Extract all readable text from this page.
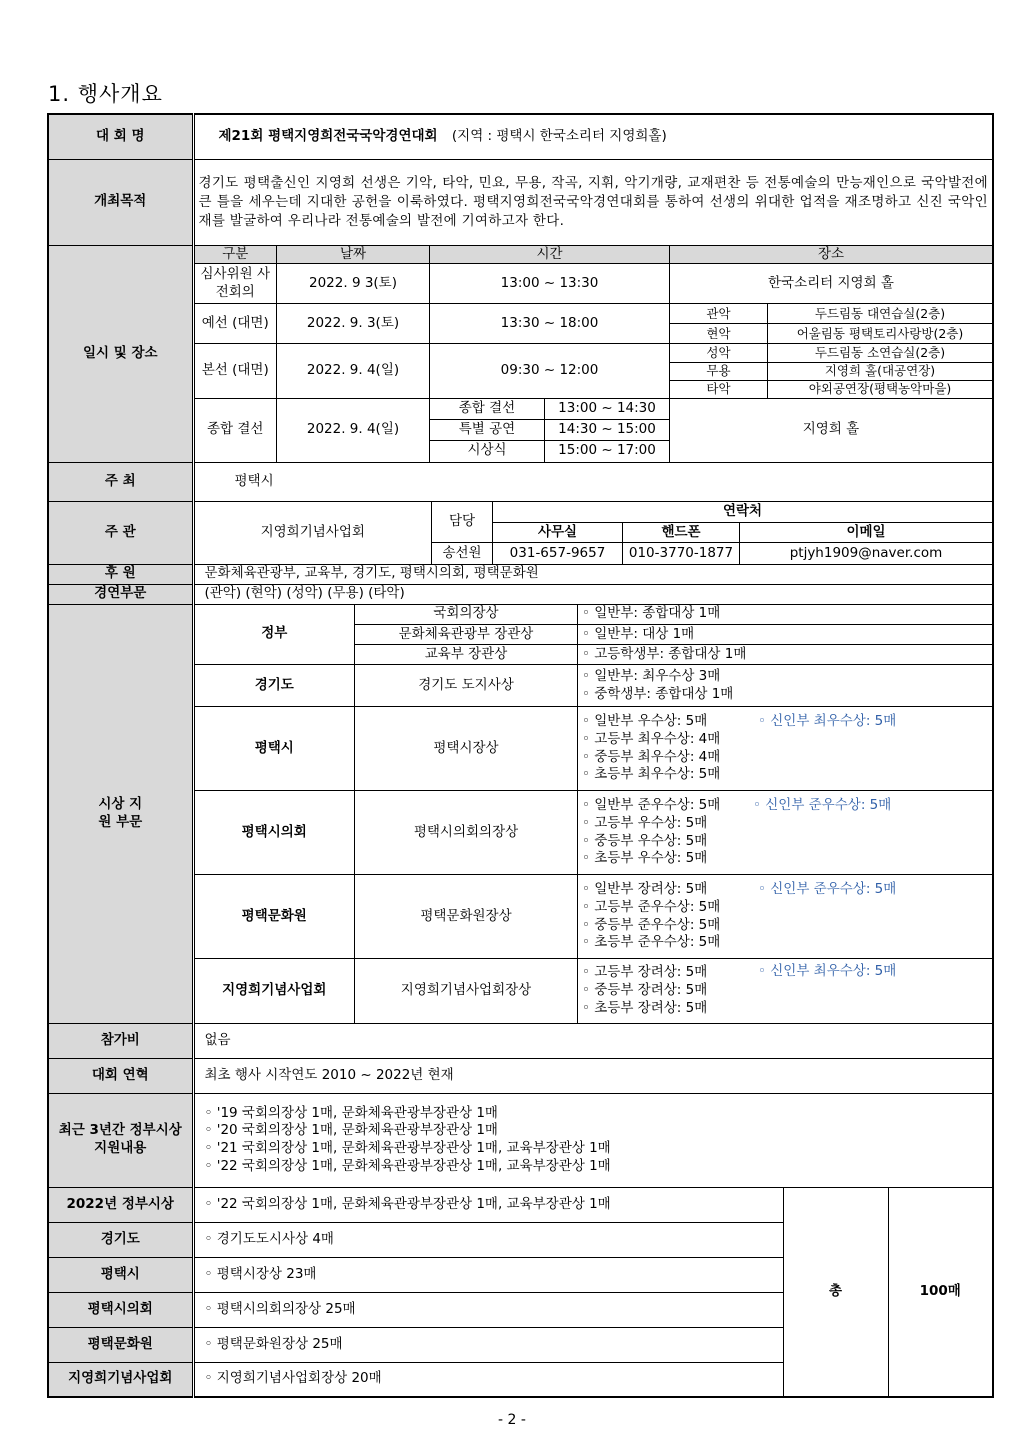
1. 행사개요
대 회 명	제21회 평택지영희전국국악경연대회 (지역 : 평택시 한국소리터 지영희홀)
개최목적	경기도 평택출신인 지영희 선생은 기악, 타악, 민요, 무용, 작곡, 지휘, 악기개량, 교재편찬 등 전통예술의 만능재인으로 국악발전에 큰 틀을 세우는데 지대한 공헌을 이룩하였다. 평택지영희전국국악경연대회를 통하여 선생의 위대한 업적을 재조명하고 신진 국악인재를 발굴하여 우리나라 전통예술의 발전에 기여하고자 한다.
일시 및 장소	
구분	날짜	시간	장소
심사위원 사전회의	2022. 9 3(토)	13:00 ~ 13:30	한국소리터 지영희 홀
예선 (대면)	2022. 9. 3(토)	13:30 ~ 18:00	관악	두드림동 대연습실(2층)
현악	어울림동 평택토리사랑방(2층)
본선 (대면)	2022. 9. 4(일)	09:30 ~ 12:00	성악	두드림동 소연습실(2층)
무용	지영희 홀(대공연장)
타악	야외공연장(평택농악마을)
종합 결선	2022. 9. 4(일)	종합 결선	13:00 ~ 14:30	지영희 홀
특별 공연	14:30 ~ 15:00
시상식	15:00 ~ 17:00

주 최	평택시
주 관		지영희기념사업회	담당	연락처
사무실	핸드폰	이메일
송선원	031-657-9657	010-3770-1877	ptjyh1909@naver.com

후 원	문화체육관광부, 교육부, 경기도, 평택시의회, 평택문화원
경연부문	(관악) (현악) (성악) (무용) (타악)
시상 지원 부문	
정부	국회의장상	◦ 일반부: 종합대상 1매
문화체육관광부 장관상	◦ 일반부: 대상 1매
교육부 장관상	◦ 고등학생부: 종합대상 1매
경기도	경기도 도지사상	
◦ 일반부: 최우수상 3매
◦ 중학생부: 종합대상 1매

평택시	평택시장상	
◦ 일반부 우수상: 5매
◦ 고등부 최우수상: 4매
◦ 중등부 최우수상: 4매
◦ 초등부 최우수상: 5매
◦ 신인부 최우수상: 5매

평택시의회	평택시의회의장상	
◦ 일반부 준우수상: 5매
◦ 고등부 우수상: 5매
◦ 중등부 우수상: 5매
◦ 초등부 우수상: 5매
◦ 신인부 준우수상: 5매

평택문화원	평택문화원장상	
◦ 일반부 장려상: 5매
◦ 고등부 준우수상: 5매
◦ 중등부 준우수상: 5매
◦ 초등부 준우수상: 5매
◦ 신인부 준우수상: 5매

지영희기념사업회	지영희기념사업회장상	
◦ 고등부 장려상: 5매
◦ 중등부 장려상: 5매
◦ 초등부 장려상: 5매
◦ 신인부 최우수상: 5매

참가비	없음
대회 연혁	최초 행사 시작연도 2010 ~ 2022년 현재
최근 3년간 정부시상 지원내용	
◦ '19 국회의장상 1매, 문화체육관광부장관상 1매
◦ '20 국회의장상 1매, 문화체육관광부장관상 1매
◦ '21 국회의장상 1매, 문화체육관광부장관상 1매, 교육부장관상 1매
◦ '22 국회의장상 1매, 문화체육관광부장관상 1매, 교육부장관상 1매

2022년 정부시상	◦ '22 국회의장상 1매, 문화체육관광부장관상 1매, 교육부장관상 1매	총	100매
경기도	◦ 경기도도시사상 4매
평택시	◦ 평택시장상 23매
평택시의회	◦ 평택시의회의장상 25매
평택문화원	◦ 평택문화원장상 25매
지영희기념사업회	◦ 지영희기념사업회장상 20매
- 2 -
